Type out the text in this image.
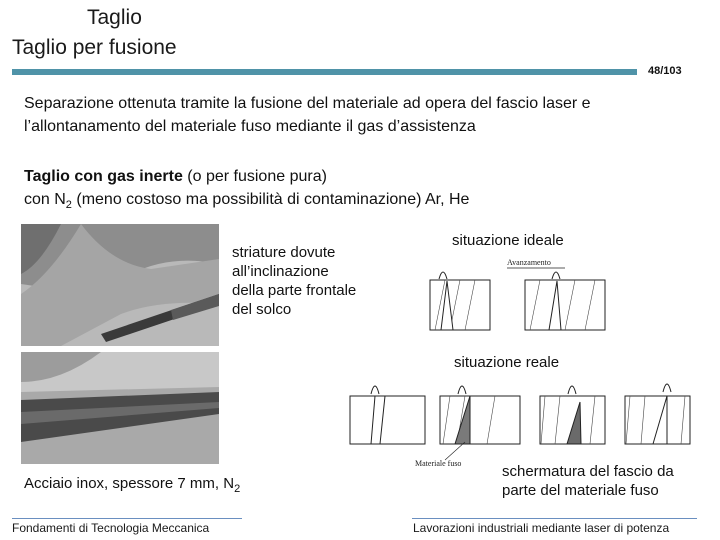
Taglio
Taglio per fusione
48/103
Separazione ottenuta tramite la fusione del materiale ad opera del fascio laser e
l’allontanamento del materiale fuso mediante il gas d’assistenza
Taglio con gas inerte (o per fusione pura)
con $N_2$ (meno costoso ma possibilità di contaminazione) Ar, He
striature dovute
all’inclinazione
della parte frontale
del solco
situazione ideale
Avanzamento
situazione reale
Materiale fuso
Acciaio inox, spessore 7 mm, $N_2$
schermatura del fascio da
parte del materiale fuso
Fondamenti di Tecnologia Meccanica	Lavorazioni industriali mediante laser di potenza
